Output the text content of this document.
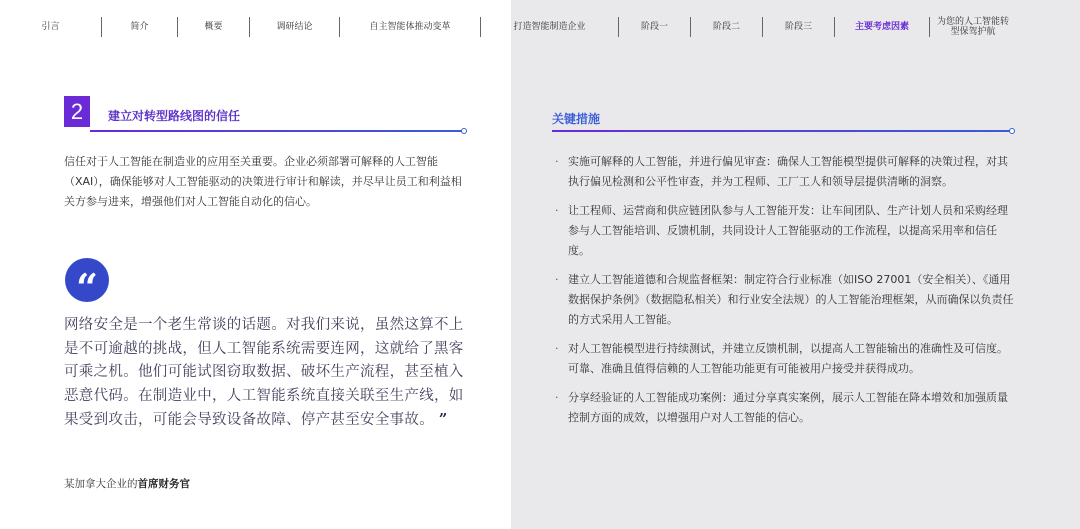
引言	简介	概要	调研结论	自主智能体推动变革	打造智能制造企业	阶段一	阶段二	阶段三	主要考虑因素	为您的人工智能转型保驾护航
2	建立对转型路线图的信任

信任对于人工智能在制造业的应用至关重要。企业必须部署可解释的人工智能（XAI），确保能够对人工智能驱动的决策进行审计和解读，并尽早让员工和利益相关方参与进来，增强他们对人工智能自动化的信心。

“

网络安全是一个老生常谈的话题。对我们来说，虽然这算不上是不可逾越的挑战，但人工智能系统需要连网，这就给了黑客可乘之机。他们可能试图窃取数据、破坏生产流程，甚至植入恶意代码。在制造业中，人工智能系统直接关联至生产线，如果受到攻击，可能会导致设备故障、停产甚至安全事故。 ”

某加拿大企业的首席财务官
关键措施
· 实施可解释的人工智能，并进行偏见审查：确保人工智能模型提供可解释的决策过程，对其执行偏见检测和公平性审查，并为工程师、工厂工人和领导层提供清晰的洞察。
· 让工程师、运营商和供应链团队参与人工智能开发：让车间团队、生产计划人员和采购经理参与人工智能培训、反馈机制，共同设计人工智能驱动的工作流程，以提高采用率和信任度。
· 建立人工智能道德和合规监督框架：制定符合行业标准（如ISO 27001（安全相关）、《通用数据保护条例》（数据隐私相关）和行业安全法规）的人工智能治理框架，从而确保以负责任的方式采用人工智能。
· 对人工智能模型进行持续测试，并建立反馈机制，以提高人工智能输出的准确性及可信度。可靠、准确且值得信赖的人工智能功能更有可能被用户接受并获得成功。
· 分享经验证的人工智能成功案例：通过分享真实案例，展示人工智能在降本增效和加强质量控制方面的成效，以增强用户对人工智能的信心。
